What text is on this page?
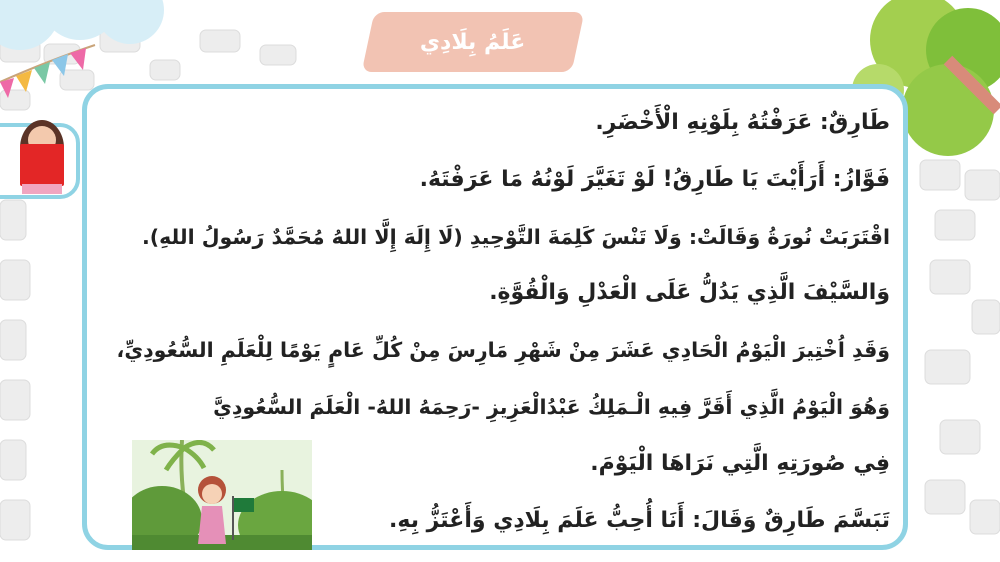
عَلَمُ بِلَادِي
طَارِقٌ: عَرَفْتُهُ بِلَوْنِهِ الْأَخْضَرِ.
فَوَّازُ: أَرَأَيْتَ يَا طَارِقُ! لَوْ تَغَيَّرَ لَوْنُهُ مَا عَرَفْتَهُ.
اقْتَرَبَتْ نُورَةُ وَقَالَتْ: وَلَا تَنْسَ كَلِمَةَ التَّوْحِيدِ (لَا إِلَهَ إِلَّا اللهُ مُحَمَّدٌ رَسُولُ اللهِ).
وَالسَّيْفَ الَّذِي يَدُلُّ عَلَى الْعَدْلِ وَالْقُوَّةِ.
وَقَدِ اُخْتِيرَ الْيَوْمُ الْحَادِي عَشَرَ مِنْ شَهْرِ مَارِسَ مِنْ كُلِّ عَامٍ يَوْمًا لِلْعَلَمِ السُّعُودِيِّ،
وَهُوَ الْيَوْمُ الَّذِي أَقَرَّ فِيهِ الْـمَلِكُ عَبْدُالْعَزِيزِ -رَحِمَهُ اللهُ- الْعَلَمَ السُّعُودِيَّ
فِي صُورَتِهِ الَّتِي نَرَاهَا الْيَوْمَ.
تَبَسَّمَ طَارِقٌ وَقَالَ: أَنَا أُحِبُّ عَلَمَ بِلَادِي وَأَعْتَزُّ بِهِ.
